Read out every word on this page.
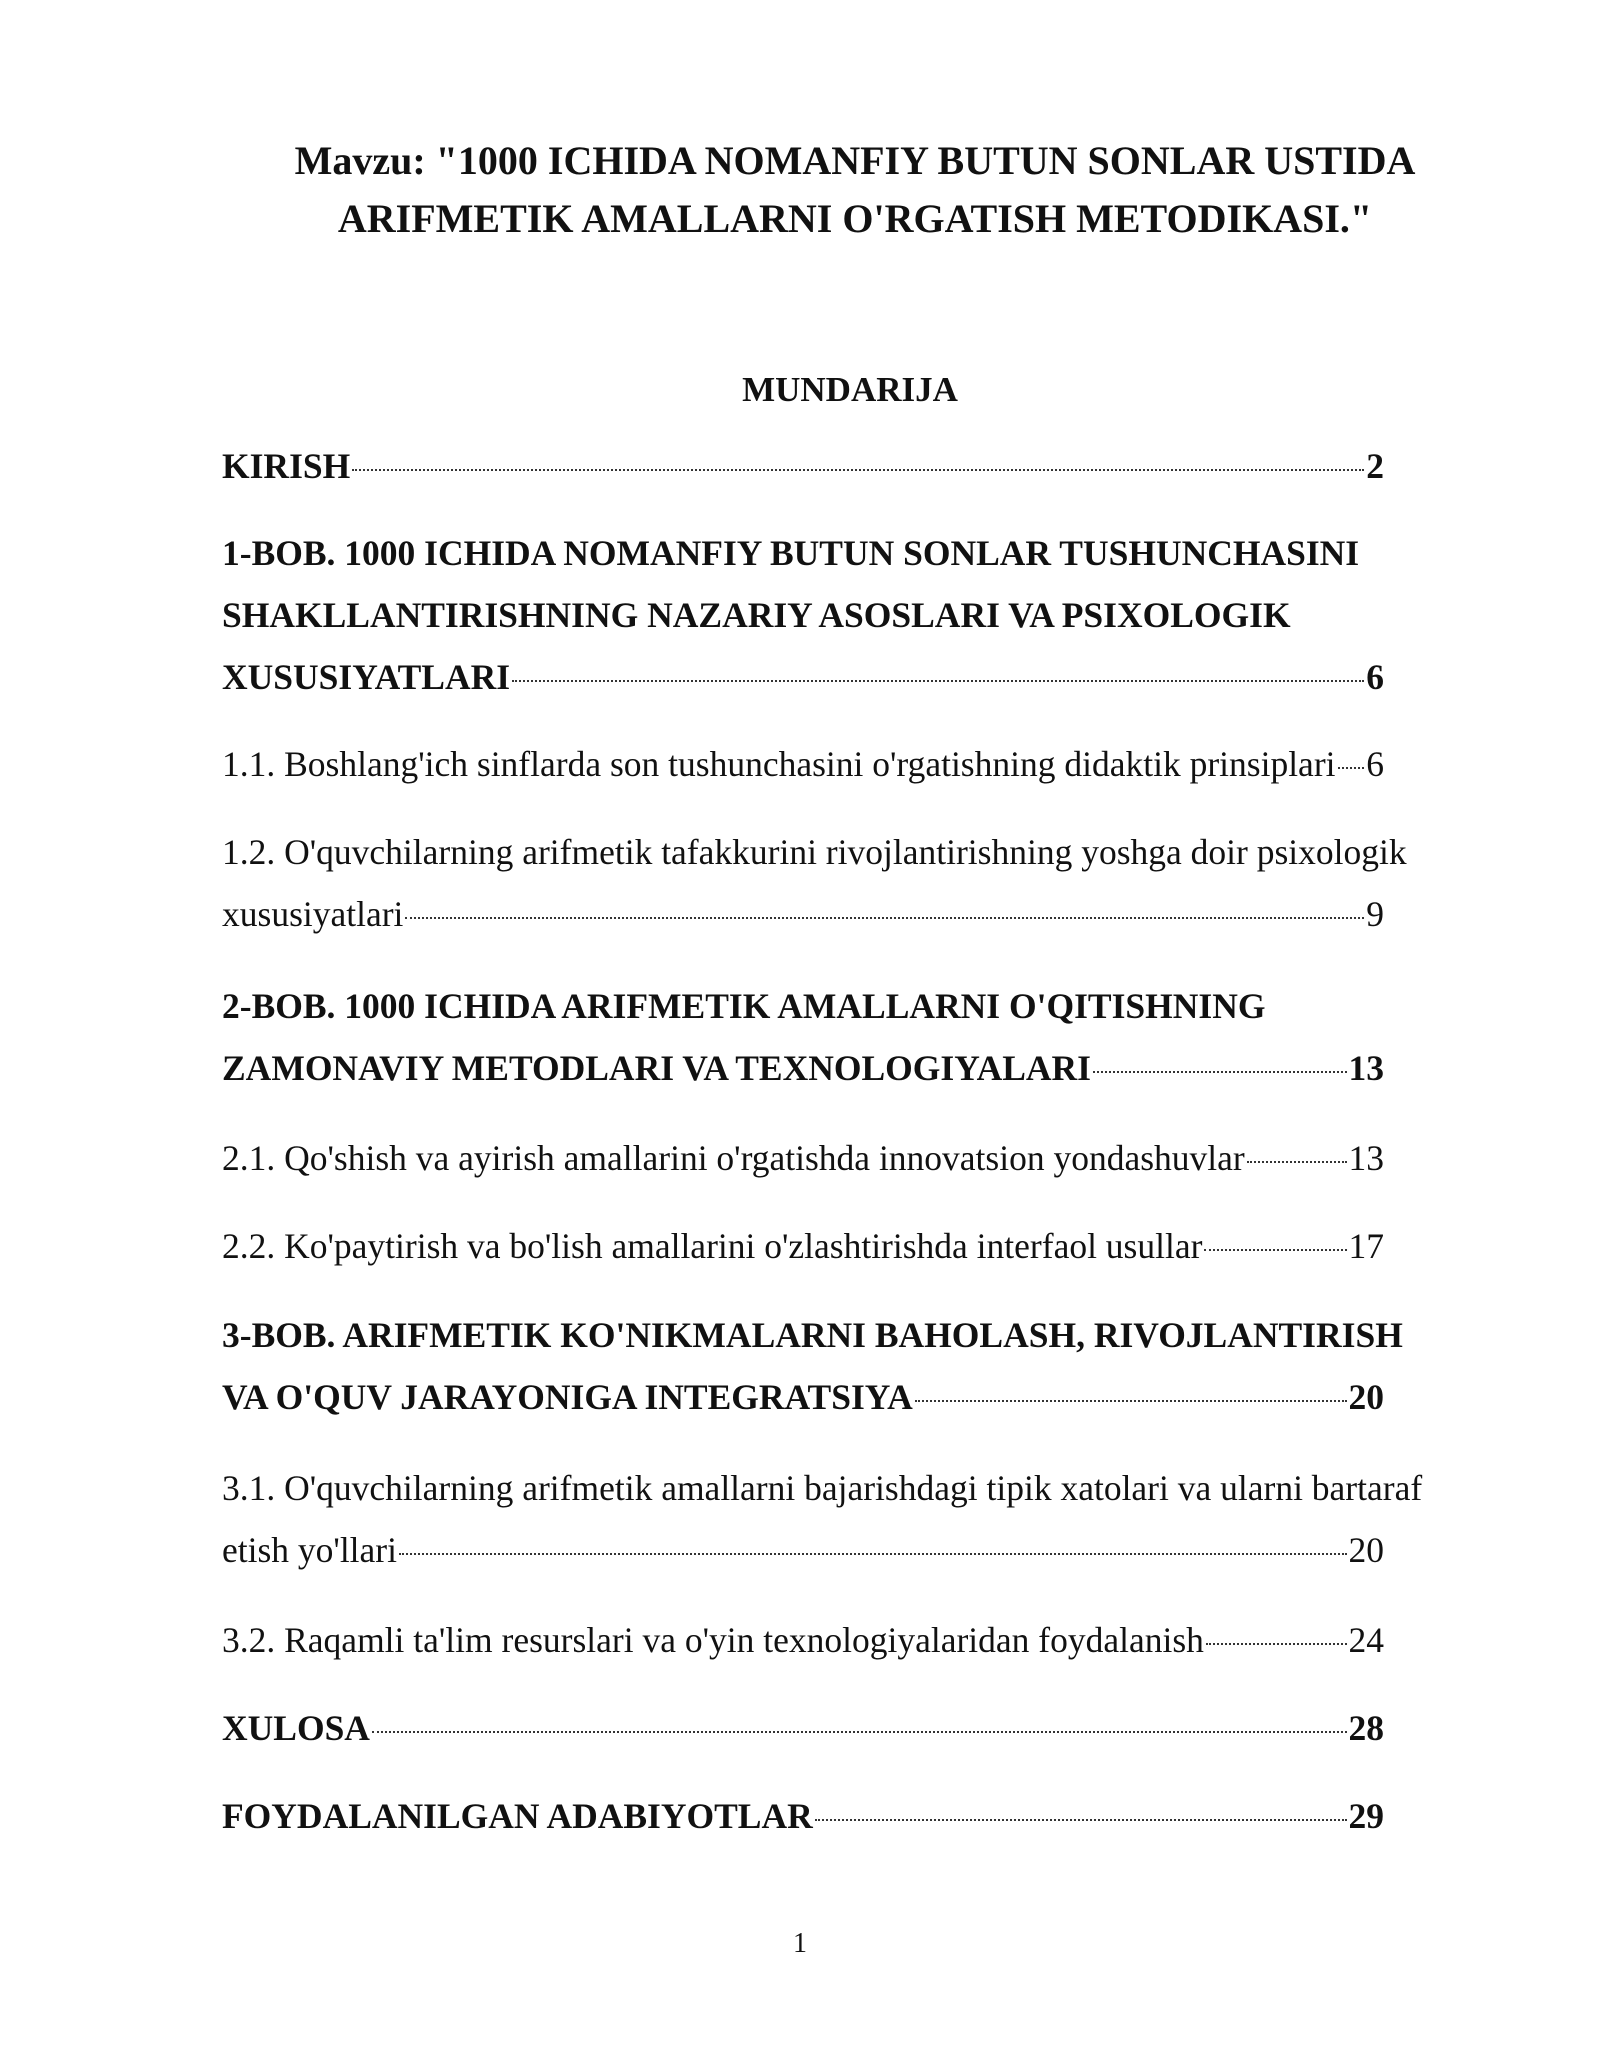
Mavzu: "1000 ICHIDA NOMANFIY BUTUN SONLAR USTIDA
ARIFMETIK AMALLARNI O'RGATISH METODIKASI."
MUNDARIJA
KIRISH	2
1-BOB. 1000 ICHIDA NOMANFIY BUTUN SONLAR TUSHUNCHASINI
SHAKLLANTIRISHNING NAZARIY ASOSLARI VA PSIXOLOGIK
XUSUSIYATLARI	6
1.1. Boshlang'ich sinflarda son tushunchasini o'rgatishning didaktik prinsiplari 6
1.2. O'quvchilarning arifmetik tafakkurini rivojlantirishning yoshga doir psixologik
xususiyatlari	9
2-BOB. 1000 ICHIDA ARIFMETIK AMALLARNI O'QITISHNING
ZAMONAVIY METODLARI VA TEXNOLOGIYALARI	13
2.1. Qo'shish va ayirish amallarini o'rgatishda innovatsion yondashuvlar	13
2.2. Ko'paytirish va bo'lish amallarini o'zlashtirishda interfaol usullar	17
3-BOB. ARIFMETIK KO'NIKMALARNI BAHOLASH, RIVOJLANTIRISH
VA O'QUV JARAYONIGA INTEGRATSIYA	20
3.1. O'quvchilarning arifmetik amallarni bajarishdagi tipik xatolari va ularni bartaraf
etish yo'llari	20
3.2. Raqamli ta'lim resurslari va o'yin texnologiyalaridan foydalanish	24
XULOSA	28
FOYDALANILGAN ADABIYOTLAR	29
1
